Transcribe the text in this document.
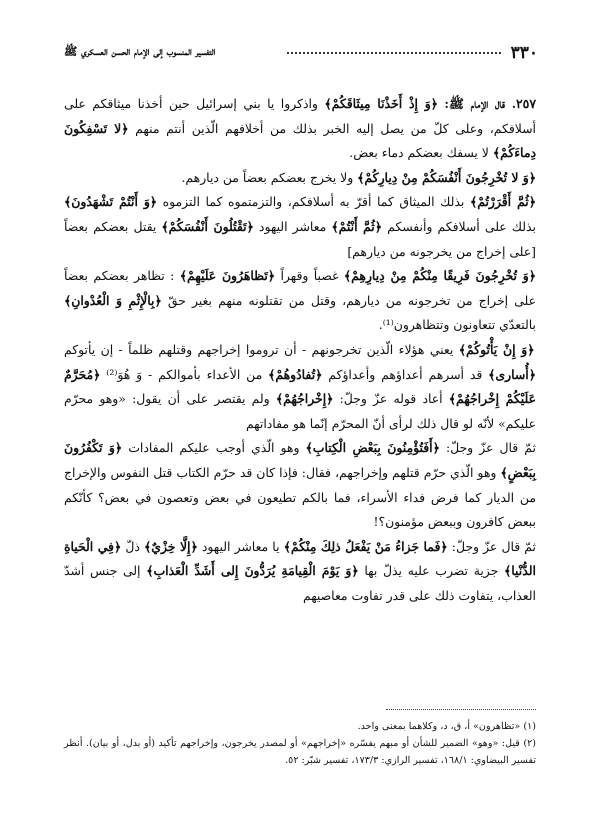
٣٣٠
التفسير المنسوب إلى الإمام الحسن العسكري ﷺ

٢٥٧. قال الإمام ﷺ: ﴿وَ إِذْ أَخَذْنَا مِيثَاقَكُمْ﴾ واذكروا يا بني إسرائيل حين أخذنا ميثاقكم على أسلافكم، وعلى كلّ من يصل إليه الخبر بذلك من أخلافهم الّذين أنتم منهم ﴿لا تَسْفِكُونَ دِماءَكُمْ﴾ لا يسفك بعضكم دماء بعض.

﴿وَ لا تُخْرِجُونَ أَنْفُسَكُمْ مِنْ دِيارِكُمْ﴾ ولا يخرج بعضكم بعضاً من ديارهم.

﴿ثُمَّ أَقْرَرْتُمْ﴾ بذلك الميثاق كما أقرّ به أسلافكم، والتزمتموه كما التزموه ﴿وَ أَنْتُمْ تَشْهَدُونَ﴾ بذلك على أسلافكم وأنفسكم ﴿ثُمَّ أَنْتُمْ﴾ معاشر اليهود ﴿تَقْتُلُونَ أَنْفُسَكُمْ﴾ يقتل بعضكم بعضاً [على إخراج من يخرجونه من ديارهم]

﴿وَ تُخْرِجُونَ فَرِيقًا مِنْكُمْ مِنْ دِيارِهِمْ﴾ غصباً وقهراً ﴿تَظاهَرُونَ عَلَيْهِمْ﴾ : تظاهر بعضكم بعضاً على إخراج من تخرجونه من ديارهم، وقتل من تقتلونه منهم بغير حقّ ﴿بِالْإِثْمِ وَ الْعُدْوانِ﴾ بالتعدّي تتعاونون وتتظاهرون⁽¹⁾.

﴿وَ إِنْ يَأْتُوكُمْ﴾ يعني هؤلاء الّذين تخرجونهم - أن تروموا إخراجهم وقتلهم ظلماً - إن يأتوكم ﴿أُسارى﴾ قد أسرهم أعداؤهم وأعداؤكم ﴿تُفادُوهُمْ﴾ من الأعداء بأموالكم - وَ هُوَ⁽²⁾ ﴿مُحَرَّمٌ عَلَيْكُمْ إِخْراجُهُمْ﴾ أعاد قوله عزّ وجلّ: ﴿إِخْراجُهُمْ﴾ ولم يقتصر على أن يقول: «وهو محرّم عليكم» لأنّه لو قال ذلك لرأى أنّ المحرّم إنّما هو مفاداتهم

ثمّ قال عزّ وجلّ: ﴿أَفَتُؤْمِنُونَ بِبَعْضِ الْكِتابِ﴾ وهو الّذي أوجب عليكم المفادات ﴿وَ تَكْفُرُونَ بِبَعْضٍ﴾ وهو الّذي حرّم قتلهم وإخراجهم، فقال: فإذا كان قد حرّم الكتاب قتل النفوس والإخراج من الديار كما فرض فداء الأسراء، فما بالكم تطيعون في بعض وتعصون في بعض؟ كأنّكم ببعض كافرون وببعض مؤمنون؟!

ثمّ قال عزّ وجلّ: ﴿فَما جَزاءُ مَنْ يَفْعَلُ ذلِكَ مِنْكُمْ﴾ يا معاشر اليهود ﴿إِلَّا خِزْيٌ﴾ ذلّ ﴿فِي الْحَياةِ الدُّنْيا﴾ جزية تضرب عليه يذلّ بها ﴿وَ يَوْمَ الْقِيامَةِ يُرَدُّونَ إِلى أَشَدِّ الْعَذابِ﴾ إلى جنس أشدّ العذاب، يتفاوت ذلك على قدر تفاوت معاصيهم

(١) «تظاهرون» أ، ق، د، وكلاهما بمعنى واحد.

(٢) قيل: «وهو» الضمير للشأن أو مبهم يفسّره «إخراجهم» أو لمصدر يخرجون، وإخراجهم تأكيد (أو بدل، أو بيان). أنظر تفسير البيضاوي: ١٦٨/١، تفسير الرازي: ١٧٣/٣، تفسير شبّر: ٥٢.
